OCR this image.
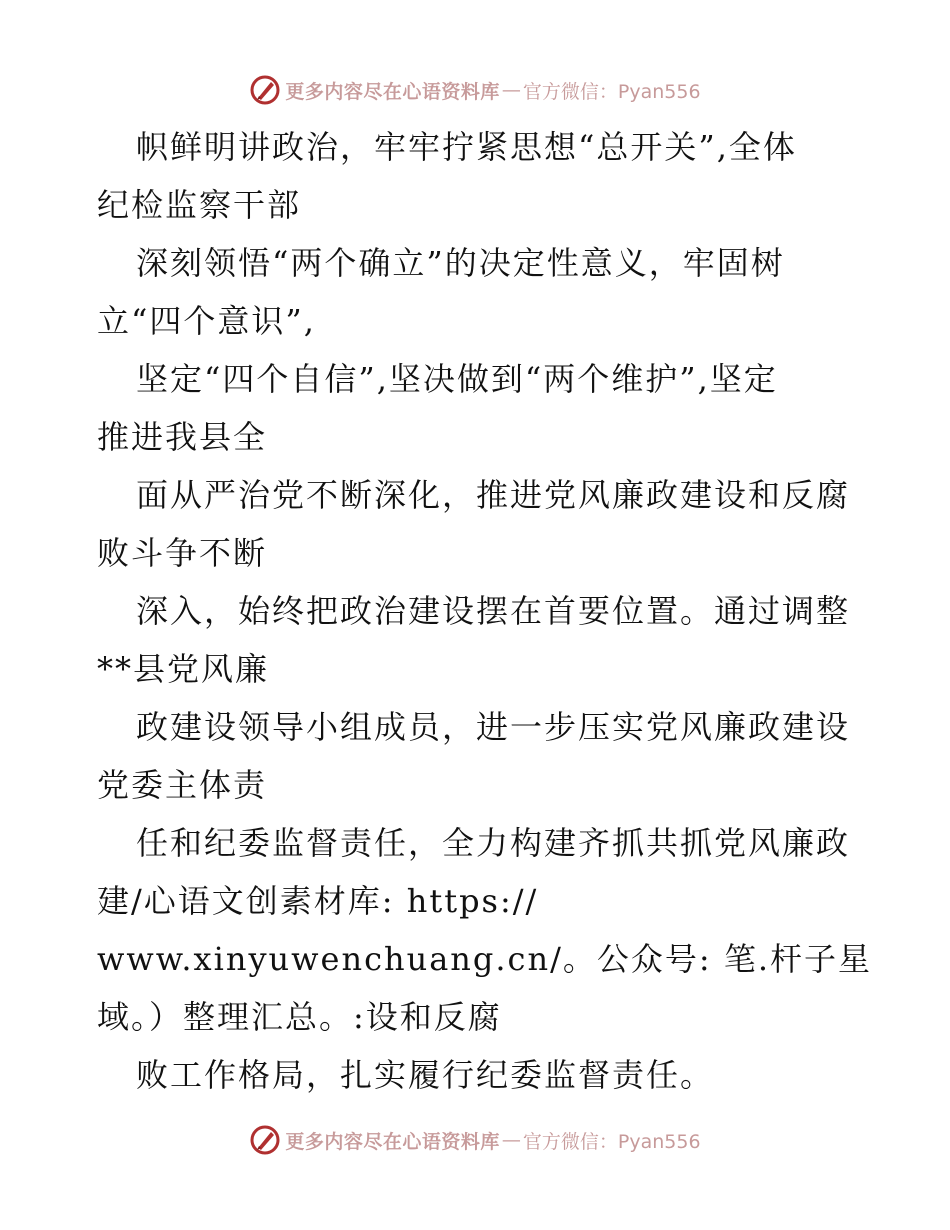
更多内容尽在心语资料库 — 官方微信：Pyan556
帜鲜明讲政治，牢牢拧紧思想“总开关”,全体
纪检监察干部
深刻领悟“两个确立”的决定性意义，牢固树
立“四个意识”,
坚定“四个自信”,坚决做到“两个维护”,坚定
推进我县全
面从严治党不断深化，推进党风廉政建设和反腐
败斗争不断
深入，始终把政治建设摆在首要位置。通过调整
**县党风廉
政建设领导小组成员，进一步压实党风廉政建设
党委主体责
任和纪委监督责任，全力构建齐抓共抓党风廉政
建/心语文创素材库: https://
www.xinyuwenchuang.cn/。公众号: 笔.杆子星
域。）整理汇总。:设和反腐
败工作格局，扎实履行纪委监督责任。
更多内容尽在心语资料库 — 官方微信：Pyan556
